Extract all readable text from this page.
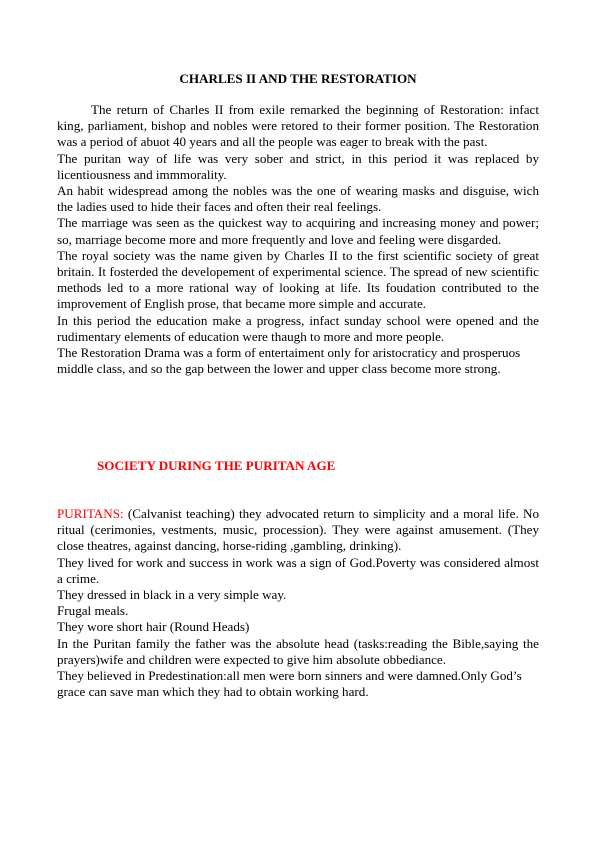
CHARLES II AND THE RESTORATION

The return of Charles II from exile remarked the beginning of Restoration: infact king, parliament, bishop and nobles were retored to their former position. The Restoration was a period of abuot 40 years and all the people was eager to break with the past.

The puritan way of life was very sober and strict, in this period it was replaced by licentiousness and immmorality.

An habit widespread among the nobles was the one of wearing masks and disguise, wich the ladies used to hide their faces and often their real feelings.

The marriage was seen as the quickest way to acquiring and increasing money and power; so, marriage become more and more frequently and love and feeling were disgarded.

The royal society was the name given by Charles II to the first scientific society of great britain. It fosterded the developement of experimental science. The spread of new scientific methods led to a more rational way of looking at life. Its foudation contributed to the improvement of English prose, that became more simple and accurate.

In this period the education make a progress, infact sunday school were opened and the rudimentary elements of education were thaugh to more and more people.

The Restoration Drama was a form of entertaiment only for aristocraticy and prosperuos middle class, and so the gap between the lower and upper class become more strong.

SOCIETY DURING THE PURITAN AGE

PURITANS: (Calvanist teaching) they advocated return to simplicity and a moral life. No ritual (cerimonies, vestments, music, procession). They were against amusement. (They close theatres, against dancing, horse-riding ,gambling, drinking).

They lived for work and success in work was a sign of God.Poverty was considered almost a crime.

They dressed in black in a very simple way.

Frugal meals.

They wore short hair (Round Heads)

In the Puritan family the father was the absolute head (tasks:reading the Bible,saying the prayers)wife and children were expected to give him absolute obbediance.

They believed in Predestination:all men were born sinners and were damned.Only God’s grace can save man which they had to obtain working hard.
